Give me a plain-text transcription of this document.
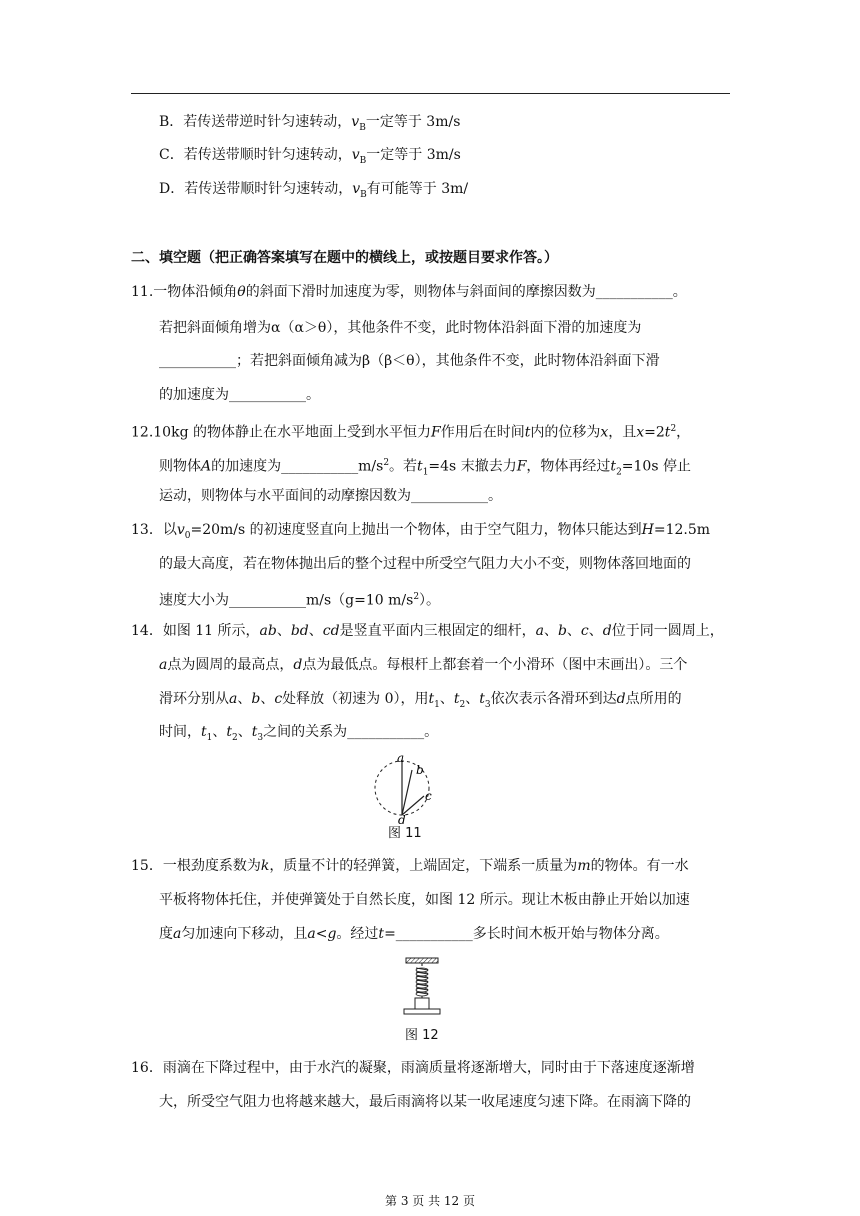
B．若传送带逆时针匀速转动，$v_B$一定等于 3m/s
C．若传送带顺时针匀速转动，$v_B$一定等于 3m/s
D．若传送带顺时针匀速转动，$v_B$有可能等于 3m/
二、填空题（把正确答案填写在题中的横线上，或按题目要求作答。）
11.一物体沿倾角θ的斜面下滑时加速度为零，则物体与斜面间的摩擦因数为___________。
若把斜面倾角增为α（α＞θ），其他条件不变，此时物体沿斜面下滑的加速度为
___________；若把斜面倾角减为β（β＜θ），其他条件不变，此时物体沿斜面下滑
的加速度为___________。
12.10kg 的物体静止在水平地面上受到水平恒力F作用后在时间t内的位移为x，且$x=2t^2$，
则物体A的加速度为$\_\_\_\_\_\_\_\_\_\_\_m/s^2$。若$t_1=4s$ 末撤去力F，物体再经过$t_2=10s$ 停止
运动，则物体与水平面间的动摩擦因数为___________。
13．以$v_0=20m/s$ 的初速度竖直向上抛出一个物体，由于空气阻力，物体只能达到H=12.5m
的最大高度，若在物体抛出后的整个过程中所受空气阻力大小不变，则物体落回地面的
速度大小为___________m/s（g=10 $m/s^2$）。
14．如图 11 所示，ab、bd、cd是竖直平面内三根固定的细杆，a、b、c、d位于同一圆周上，
a点为圆周的最高点，d点为最低点。每根杆上都套着一个小滑环（图中末画出）。三个
滑环分别从a、b、c处释放（初速为 0），用$t_1$、$t_2$、$t_3$依次表示各滑环到达d点所用的
时间，$t_1$、$t_2$、$t_3$之间的关系为___________。
a
b
c
d
图 11
15．一根劲度系数为k，质量不计的轻弹簧，上端固定，下端系一质量为m的物体。有一水
平板将物体托住，并使弹簧处于自然长度，如图 12 所示。现让木板由静止开始以加速
度a匀加速向下移动，且a<g。经过t=___________多长时间木板开始与物体分离。
图 12
16．雨滴在下降过程中，由于水汽的凝聚，雨滴质量将逐渐增大，同时由于下落速度逐渐增
大，所受空气阻力也将越来越大，最后雨滴将以某一收尾速度匀速下降。在雨滴下降的
第 3 页 共 12 页
